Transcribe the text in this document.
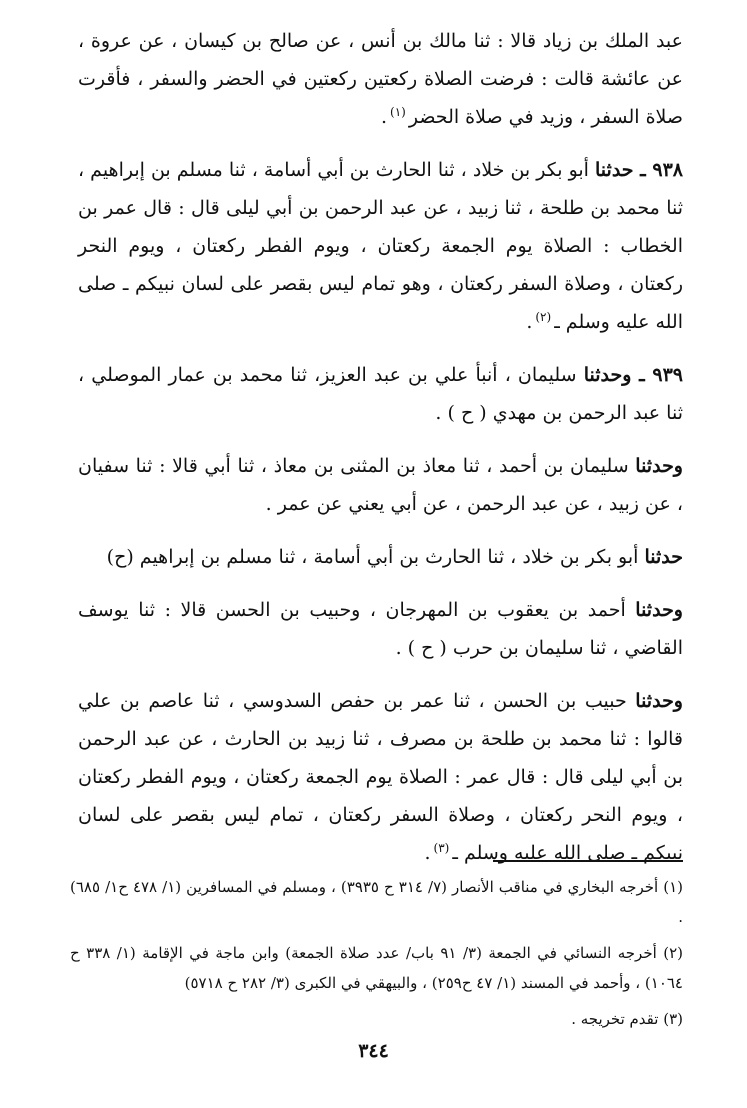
عبد الملك بن زياد قالا : ثنا مالك بن أنس ، عن صالح بن كيسان ، عن عروة ، عن عائشة قالت : فرضت الصلاة ركعتين ركعتين في الحضر والسفر ، فأقرت صلاة السفر ، وزيد في صلاة الحضر$^{(١)}$.

٩٣٨ ـ حدثنا أبو بكر بن خلاد ، ثنا الحارث بن أبي أسامة ، ثنا مسلم بن إبراهيم ، ثنا محمد بن طلحة ، ثنا زبيد ، عن عبد الرحمن بن أبي ليلى قال : قال عمر بن الخطاب : الصلاة يوم الجمعة ركعتان ، ويوم الفطر ركعتان ، ويوم النحر ركعتان ، وصلاة السفر ركعتان ، وهو تمام ليس بقصر على لسان نبيكم ـ صلى الله عليه وسلم ـ$^{(٢)}$.

٩٣٩ ـ وحدثنا سليمان ، أنبأ علي بن عبد العزيز، ثنا محمد بن عمار الموصلي ، ثنا عبد الرحمن بن مهدي ( ح ) .

وحدثنا سليمان بن أحمد ، ثنا معاذ بن المثنى بن معاذ ، ثنا أبي قالا : ثنا سفيان ، عن زبيد ، عن عبد الرحمن ، عن أبي يعني عن عمر .

حدثنا أبو بكر بن خلاد ، ثنا الحارث بن أبي أسامة ، ثنا مسلم بن إبراهيم (ح)

وحدثنا أحمد بن يعقوب بن المهرجان ، وحبيب بن الحسن قالا : ثنا يوسف القاضي ، ثنا سليمان بن حرب ( ح ) .

وحدثنا حبيب بن الحسن ، ثنا عمر بن حفص السدوسي ، ثنا عاصم بن علي قالوا : ثنا محمد بن طلحة بن مصرف ، ثنا زبيد بن الحارث ، عن عبد الرحمن بن أبي ليلى قال : قال عمر : الصلاة يوم الجمعة ركعتان ، ويوم الفطر ركعتان ، ويوم النحر ركعتان ، وصلاة السفر ركعتان ، تمام ليس بقصر على لسان نبيكم ـ صلى الله عليه وسلم ـ$^{(٣)}$.

(١) أخرجه البخاري في مناقب الأنصار (٧/ ٣١٤ ح ٣٩٣٥) ، ومسلم في المسافرين (١/ ٤٧٨ ح١/ ٦٨٥) .

(٢) أخرجه النسائي في الجمعة (٣/ ٩١ باب/ عدد صلاة الجمعة) وابن ماجة في الإقامة (١/ ٣٣٨ ح ١٠٦٤) ، وأحمد في المسند (١/ ٤٧ ح٢٥٩) ، والبيهقي في الكبرى (٣/ ٢٨٢ ح ٥٧١٨)

(٣) تقدم تخريجه .

٣٤٤
